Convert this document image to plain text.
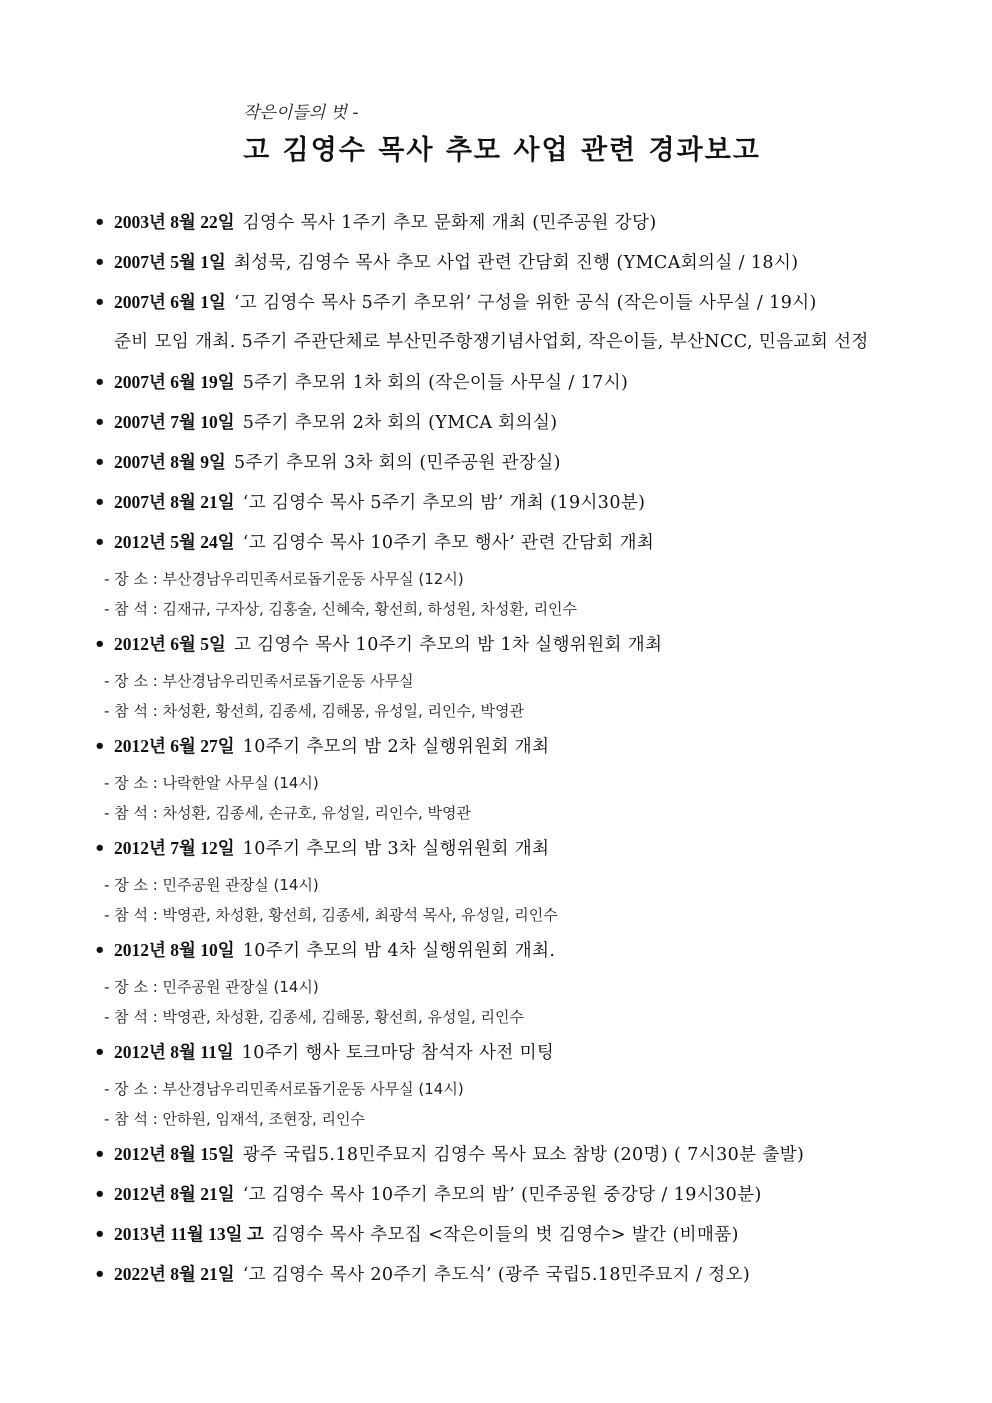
작은이들의 벗 -
고 김영수 목사 추모 사업 관련 경과보고
• 2003년 8월 22일 김영수 목사 1주기 추모 문화제 개최 (민주공원 강당)
• 2007년 5월 1일 최성묵, 김영수 목사 추모 사업 관련 간담회 진행 (YMCA회의실 / 18시)
• 2007년 6월 1일 ‘고 김영수 목사 5주기 추모위’ 구성을 위한 공식 (작은이들 사무실 / 19시)
준비 모임 개최. 5주기 주관단체로 부산민주항쟁기념사업회, 작은이들, 부산NCC, 민음교회 선정
• 2007년 6월 19일 5주기 추모위 1차 회의 (작은이들 사무실 / 17시)
• 2007년 7월 10일 5주기 추모위 2차 회의 (YMCA 회의실)
• 2007년 8월 9일 5주기 추모위 3차 회의 (민주공원 관장실)
• 2007년 8월 21일 ‘고 김영수 목사 5주기 추모의 밤’ 개최 (19시30분)
• 2012년 5월 24일 ‘고 김영수 목사 10주기 추모 행사’ 관련 간담회 개최
- 장 소 : 부산경남우리민족서로돕기운동 사무실 (12시)
- 참 석 : 김재규, 구자상, 김홍술, 신혜숙, 황선희, 하성원, 차성환, 리인수
• 2012년 6월 5일 고 김영수 목사 10주기 추모의 밤 1차 실행위원회 개최
- 장 소 : 부산경남우리민족서로돕기운동 사무실
- 참 석 : 차성환, 황선희, 김종세, 김해몽, 유성일, 리인수, 박영관
• 2012년 6월 27일 10주기 추모의 밤 2차 실행위원회 개최
- 장 소 : 나락한알 사무실 (14시)
- 참 석 : 차성환, 김종세, 손규호, 유성일, 리인수, 박영관
• 2012년 7월 12일 10주기 추모의 밤 3차 실행위원회 개최
- 장 소 : 민주공원 관장실 (14시)
- 참 석 : 박영관, 차성환, 황선희, 김종세, 최광석 목사, 유성일, 리인수
• 2012년 8월 10일 10주기 추모의 밤 4차 실행위원회 개최.
- 장 소 : 민주공원 관장실 (14시)
- 참 석 : 박영관, 차성환, 김종세, 김해몽, 황선희, 유성일, 리인수
• 2012년 8월 11일 10주기 행사 토크마당 참석자 사전 미팅
- 장 소 : 부산경남우리민족서로돕기운동 사무실 (14시)
- 참 석 : 안하원, 임재석, 조현장, 리인수
• 2012년 8월 15일 광주 국립5.18민주묘지 김영수 목사 묘소 참방 (20명) ( 7시30분 출발)
• 2012년 8월 21일 ‘고 김영수 목사 10주기 추모의 밤’ (민주공원 중강당 / 19시30분)
• 2013년 11월 13일 고 김영수 목사 추모집 <작은이들의 벗 김영수> 발간 (비매품)
• 2022년 8월 21일 ‘고 김영수 목사 20주기 추도식’ (광주 국립5.18민주묘지 / 정오)
